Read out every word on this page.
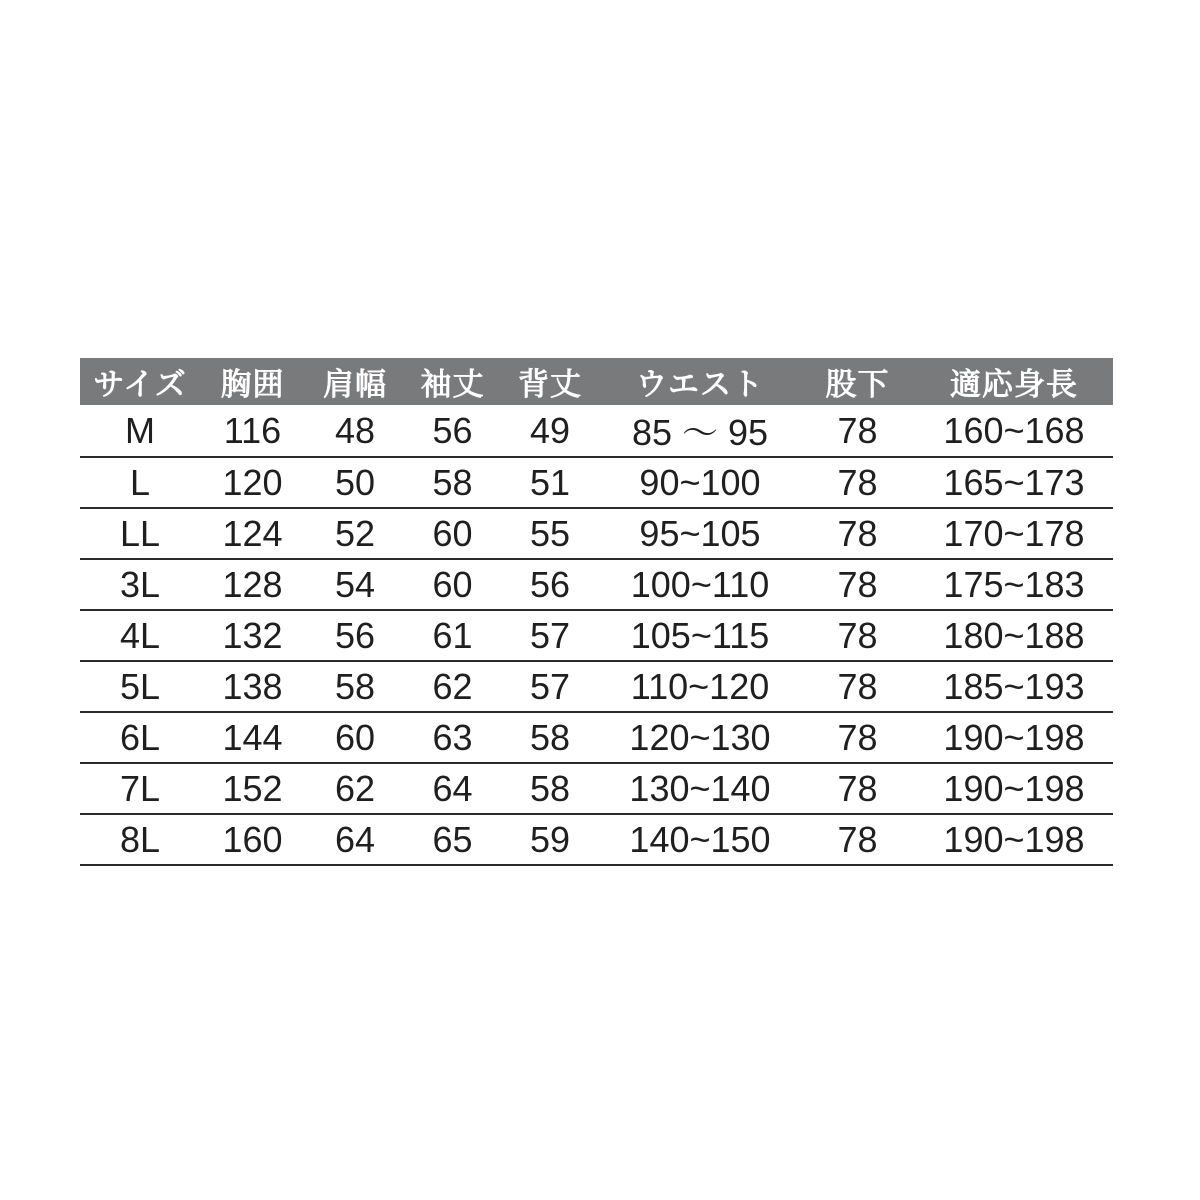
サイズ	胸囲	肩幅	袖丈	背丈	ウエスト	股下	適応身長
M	116	48	56	49	85 ～ 95	78	160~168
L	120	50	58	51	90~100	78	165~173
LL	124	52	60	55	95~105	78	170~178
3L	128	54	60	56	100~110	78	175~183
4L	132	56	61	57	105~115	78	180~188
5L	138	58	62	57	110~120	78	185~193
6L	144	60	63	58	120~130	78	190~198
7L	152	62	64	58	130~140	78	190~198
8L	160	64	65	59	140~150	78	190~198
